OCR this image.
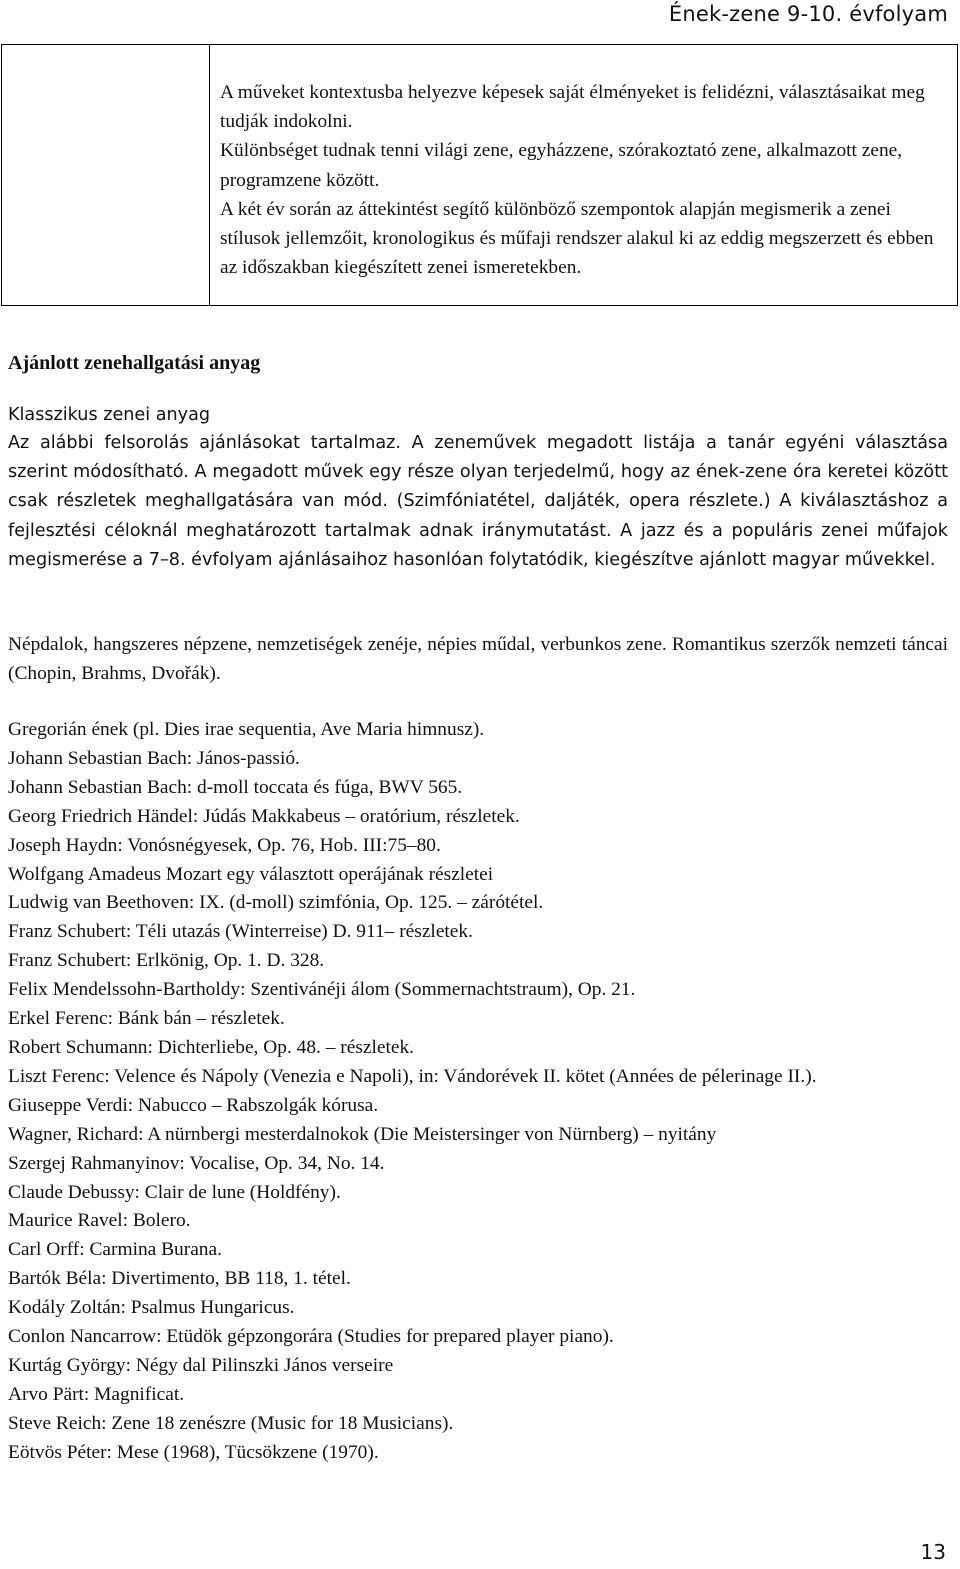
Ének-zene 9-10. évfolyam

A műveket kontextusba helyezve képesek saját élményeket is felidézni, választásaikat meg tudják indokolni.

Különbséget tudnak tenni világi zene, egyházzene, szórakoztató zene, alkalmazott zene, programzene között.

A két év során az áttekintést segítő különböző szempontok alapján megismerik a zenei stílusok jellemzőit, kronologikus és műfaji rendszer alakul ki az eddig megszerzett és ebben az időszakban kiegészített zenei ismeretekben.

Ajánlott zenehallgatási anyag
Klasszikus zenei anyag

Az alábbi felsorolás ajánlásokat tartalmaz. A zeneművek megadott listája a tanár egyéni választása szerint módosítható. A megadott művek egy része olyan terjedelmű, hogy az ének-zene óra keretei között csak részletek meghallgatására van mód. (Szimfóniatétel, daljáték, opera részlete.) A kiválasztáshoz a fejlesztési céloknál meghatározott tartalmak adnak iránymutatást. A jazz és a populáris zenei műfajok megismerése a 7–8. évfolyam ajánlásaihoz hasonlóan folytatódik, kiegészítve ajánlott magyar művekkel.

Népdalok, hangszeres népzene, nemzetiségek zenéje, népies műdal, verbunkos zene. Romantikus szerzők nemzeti táncai (Chopin, Brahms, Dvořák).

Gregorián ének (pl. Dies irae sequentia, Ave Maria himnusz).
Johann Sebastian Bach: János-passió.
Johann Sebastian Bach: d-moll toccata és fúga, BWV 565.
Georg Friedrich Händel: Júdás Makkabeus – oratórium, részletek.
Joseph Haydn: Vonósnégyesek, Op. 76, Hob. III:75–80.
Wolfgang Amadeus Mozart egy választott operájának részletei
Ludwig van Beethoven: IX. (d-moll) szimfónia, Op. 125. – zárótétel.
Franz Schubert: Téli utazás (Winterreise) D. 911– részletek.
Franz Schubert: Erlkönig, Op. 1. D. 328.
Felix Mendelssohn-Bartholdy: Szentivánéji álom (Sommernachtstraum), Op. 21.
Erkel Ferenc: Bánk bán – részletek.
Robert Schumann: Dichterliebe, Op. 48. – részletek.
Liszt Ferenc: Velence és Nápoly (Venezia e Napoli), in: Vándorévek II. kötet (Années de pélerinage II.).
Giuseppe Verdi: Nabucco – Rabszolgák kórusa.
Wagner, Richard: A nürnbergi mesterdalnokok (Die Meistersinger von Nürnberg) – nyitány
Szergej Rahmanyinov: Vocalise, Op. 34, No. 14.
Claude Debussy: Clair de lune (Holdfény).
Maurice Ravel: Bolero.
Carl Orff: Carmina Burana.
Bartók Béla: Divertimento, BB 118, 1. tétel.
Kodály Zoltán: Psalmus Hungaricus.
Conlon Nancarrow: Etüdök gépzongorára (Studies for prepared player piano).
Kurtág György: Négy dal Pilinszki János verseire
Arvo Pärt: Magnificat.
Steve Reich: Zene 18 zenészre (Music for 18 Musicians).
Eötvös Péter: Mese (1968), Tücsökzene (1970).
13
